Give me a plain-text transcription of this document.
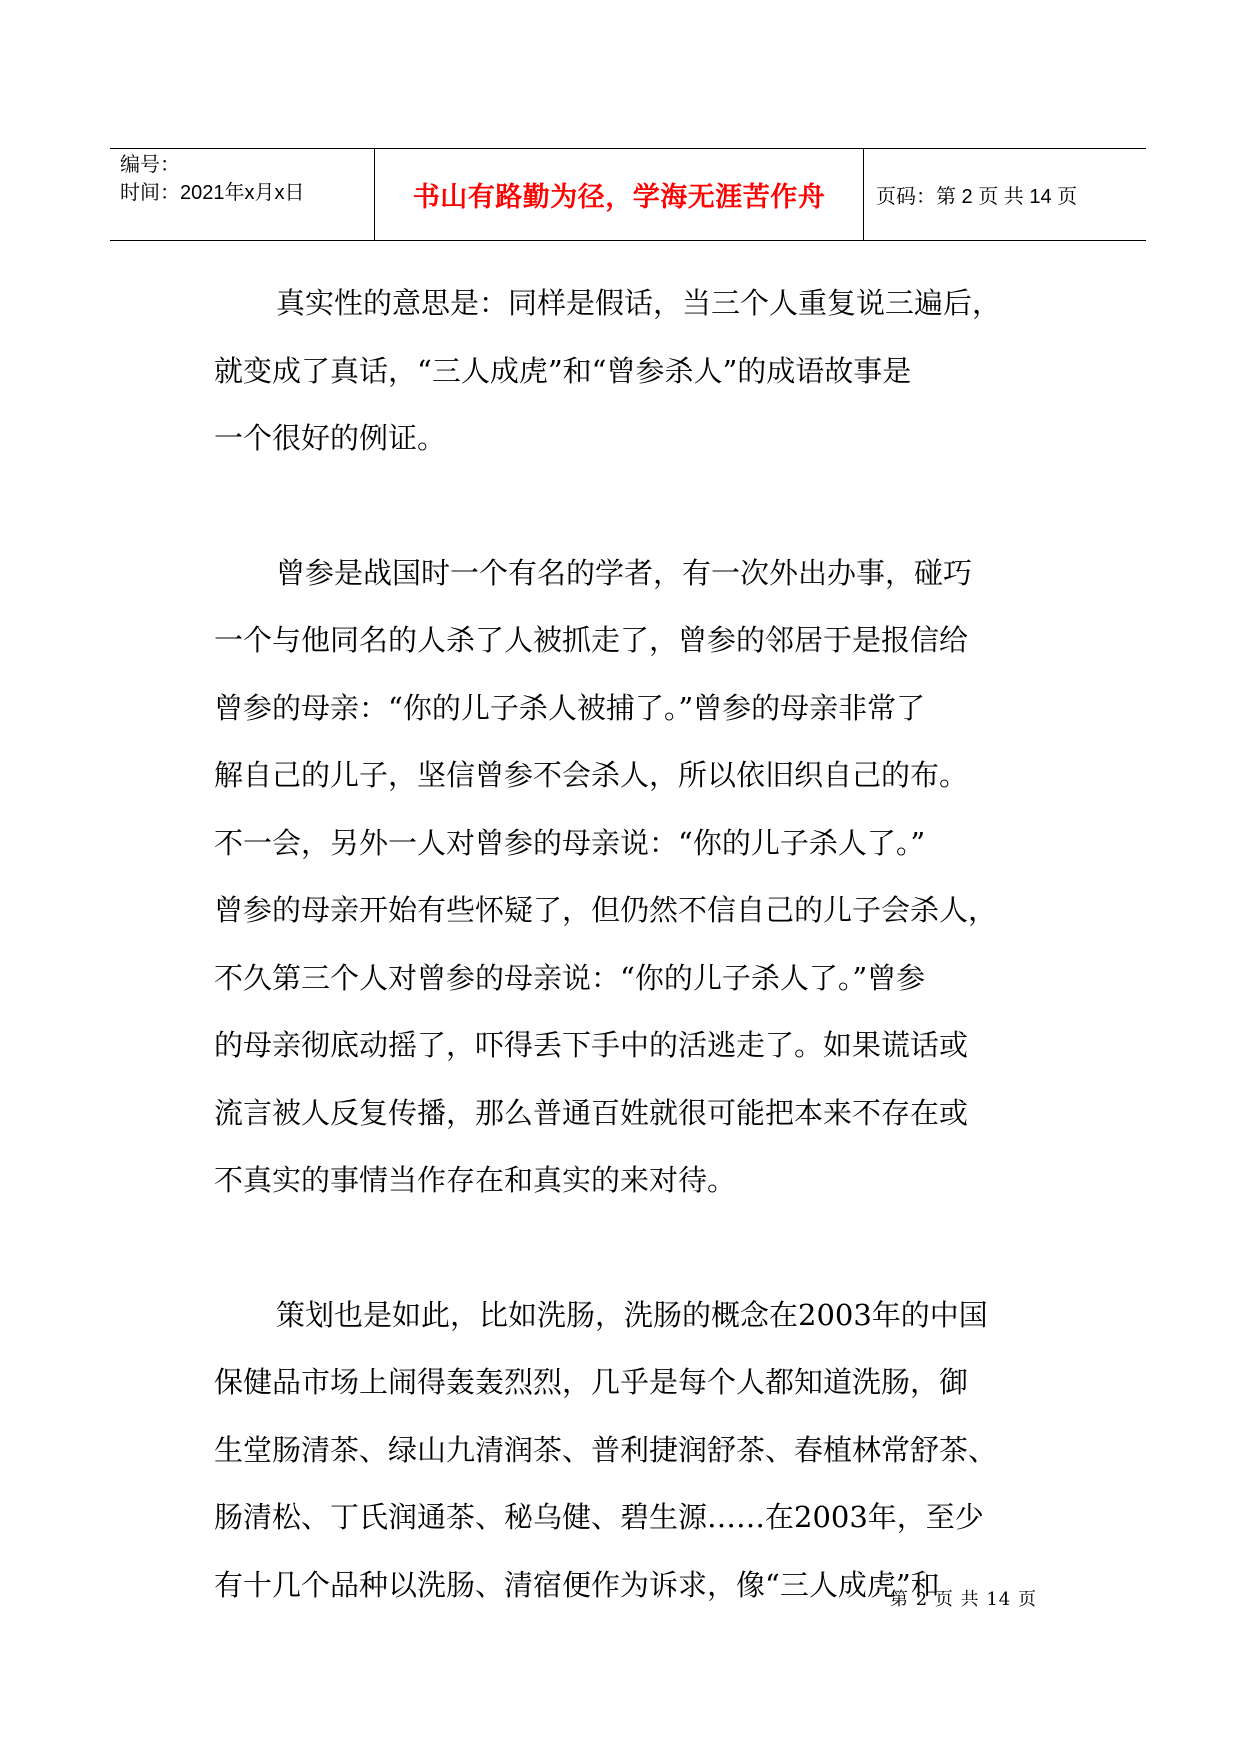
编号：
时间：2021年x月x日	书山有路勤为径，学海无涯苦作舟	页码：第 2 页 共 14 页
真实性的意思是：同样是假话，当三个人重复说三遍后，
就变成了真话，“三人成虎”和“曾参杀人”的成语故事是
一个很好的例证。
曾参是战国时一个有名的学者，有一次外出办事，碰巧
一个与他同名的人杀了人被抓走了，曾参的邻居于是报信给
曾参的母亲：“你的儿子杀人被捕了。”曾参的母亲非常了
解自己的儿子，坚信曾参不会杀人，所以依旧织自己的布。
不一会，另外一人对曾参的母亲说：“你的儿子杀人了。”
曾参的母亲开始有些怀疑了，但仍然不信自己的儿子会杀人，
不久第三个人对曾参的母亲说：“你的儿子杀人了。”曾参
的母亲彻底动摇了，吓得丢下手中的活逃走了。如果谎话或
流言被人反复传播，那么普通百姓就很可能把本来不存在或
不真实的事情当作存在和真实的来对待。
策划也是如此，比如洗肠，洗肠的概念在2003年的中国
保健品市场上闹得轰轰烈烈，几乎是每个人都知道洗肠，御
生堂肠清茶、绿山九清润茶、普利捷润舒茶、春植林常舒茶、
肠清松、丁氏润通茶、秘乌健、碧生源……在2003年，至少
有十几个品种以洗肠、清宿便作为诉求，像“三人成虎”和
第 2 页 共 14 页
